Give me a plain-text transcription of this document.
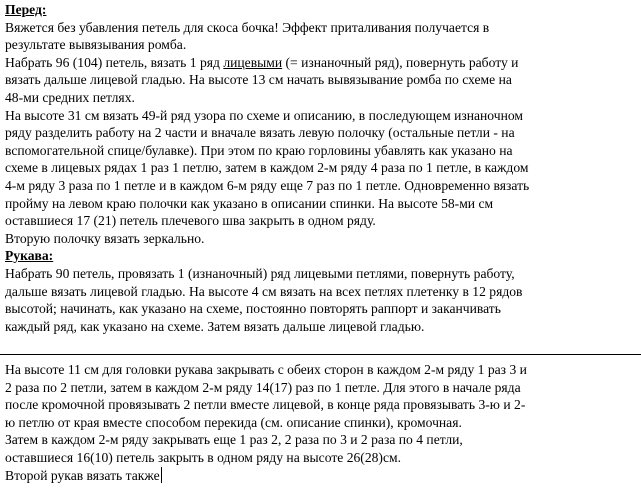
Перед:
Вяжется без убавления петель для скоса бочка! Эффект приталивания получается в
результате вывязывания ромба.
Набрать 96 (104) петель, вязать 1 ряд лицевыми (= изнаночный ряд), повернуть работу и
вязать дальше лицевой гладью. На высоте 13 см начать вывязывание ромба по схеме на
48-ми средних петлях.
На высоте 31 см вязать 49-й ряд узора по схеме и описанию, в последующем изнаночном
ряду разделить работу на 2 части и вначале вязать левую полочку (остальные петли - на
вспомогательной спице/булавке). При этом по краю горловины убавлять как указано на
схеме в лицевых рядах 1 раз 1 петлю, затем в каждом 2-м ряду 4 раза по 1 петле, в каждом
4-м ряду 3 раза по 1 петле и в каждом 6-м ряду еще 7 раз по 1 петле. Одновременно вязать
пройму на левом краю полочки как указано в описании спинки. На высоте 58-ми см
оставшиеся 17 (21) петель плечевого шва закрыть в одном ряду.
Вторую полочку вязать зеркально.
Рукава:
Набрать 90 петель, провязать 1 (изнаночный) ряд лицевыми петлями, повернуть работу,
дальше вязать лицевой гладью. На высоте 4 см вязать на всех петлях плетенку в 12 рядов
высотой; начинать, как указано на схеме, постоянно повторять раппорт и заканчивать
каждый ряд, как указано на схеме. Затем вязать дальше лицевой гладью.
На высоте 11 см для головки рукава закрывать с обеих сторон в каждом 2-м ряду 1 раз 3 и
2 раза по 2 петли, затем в каждом 2-м ряду 14(17) раз по 1 петле. Для этого в начале ряда
после кромочной провязывать 2 петли вместе лицевой, в конце ряда провязывать 3-ю и 2-
ю петлю от края вместе способом перекида (см. описание спинки), кромочная.
Затем в каждом 2-м ряду закрывать еще 1 раз 2, 2 раза по 3 и 2 раза по 4 петли,
оставшиеся 16(10) петель закрыть в одном ряду на высоте 26(28)см.
Второй рукав вязать также
